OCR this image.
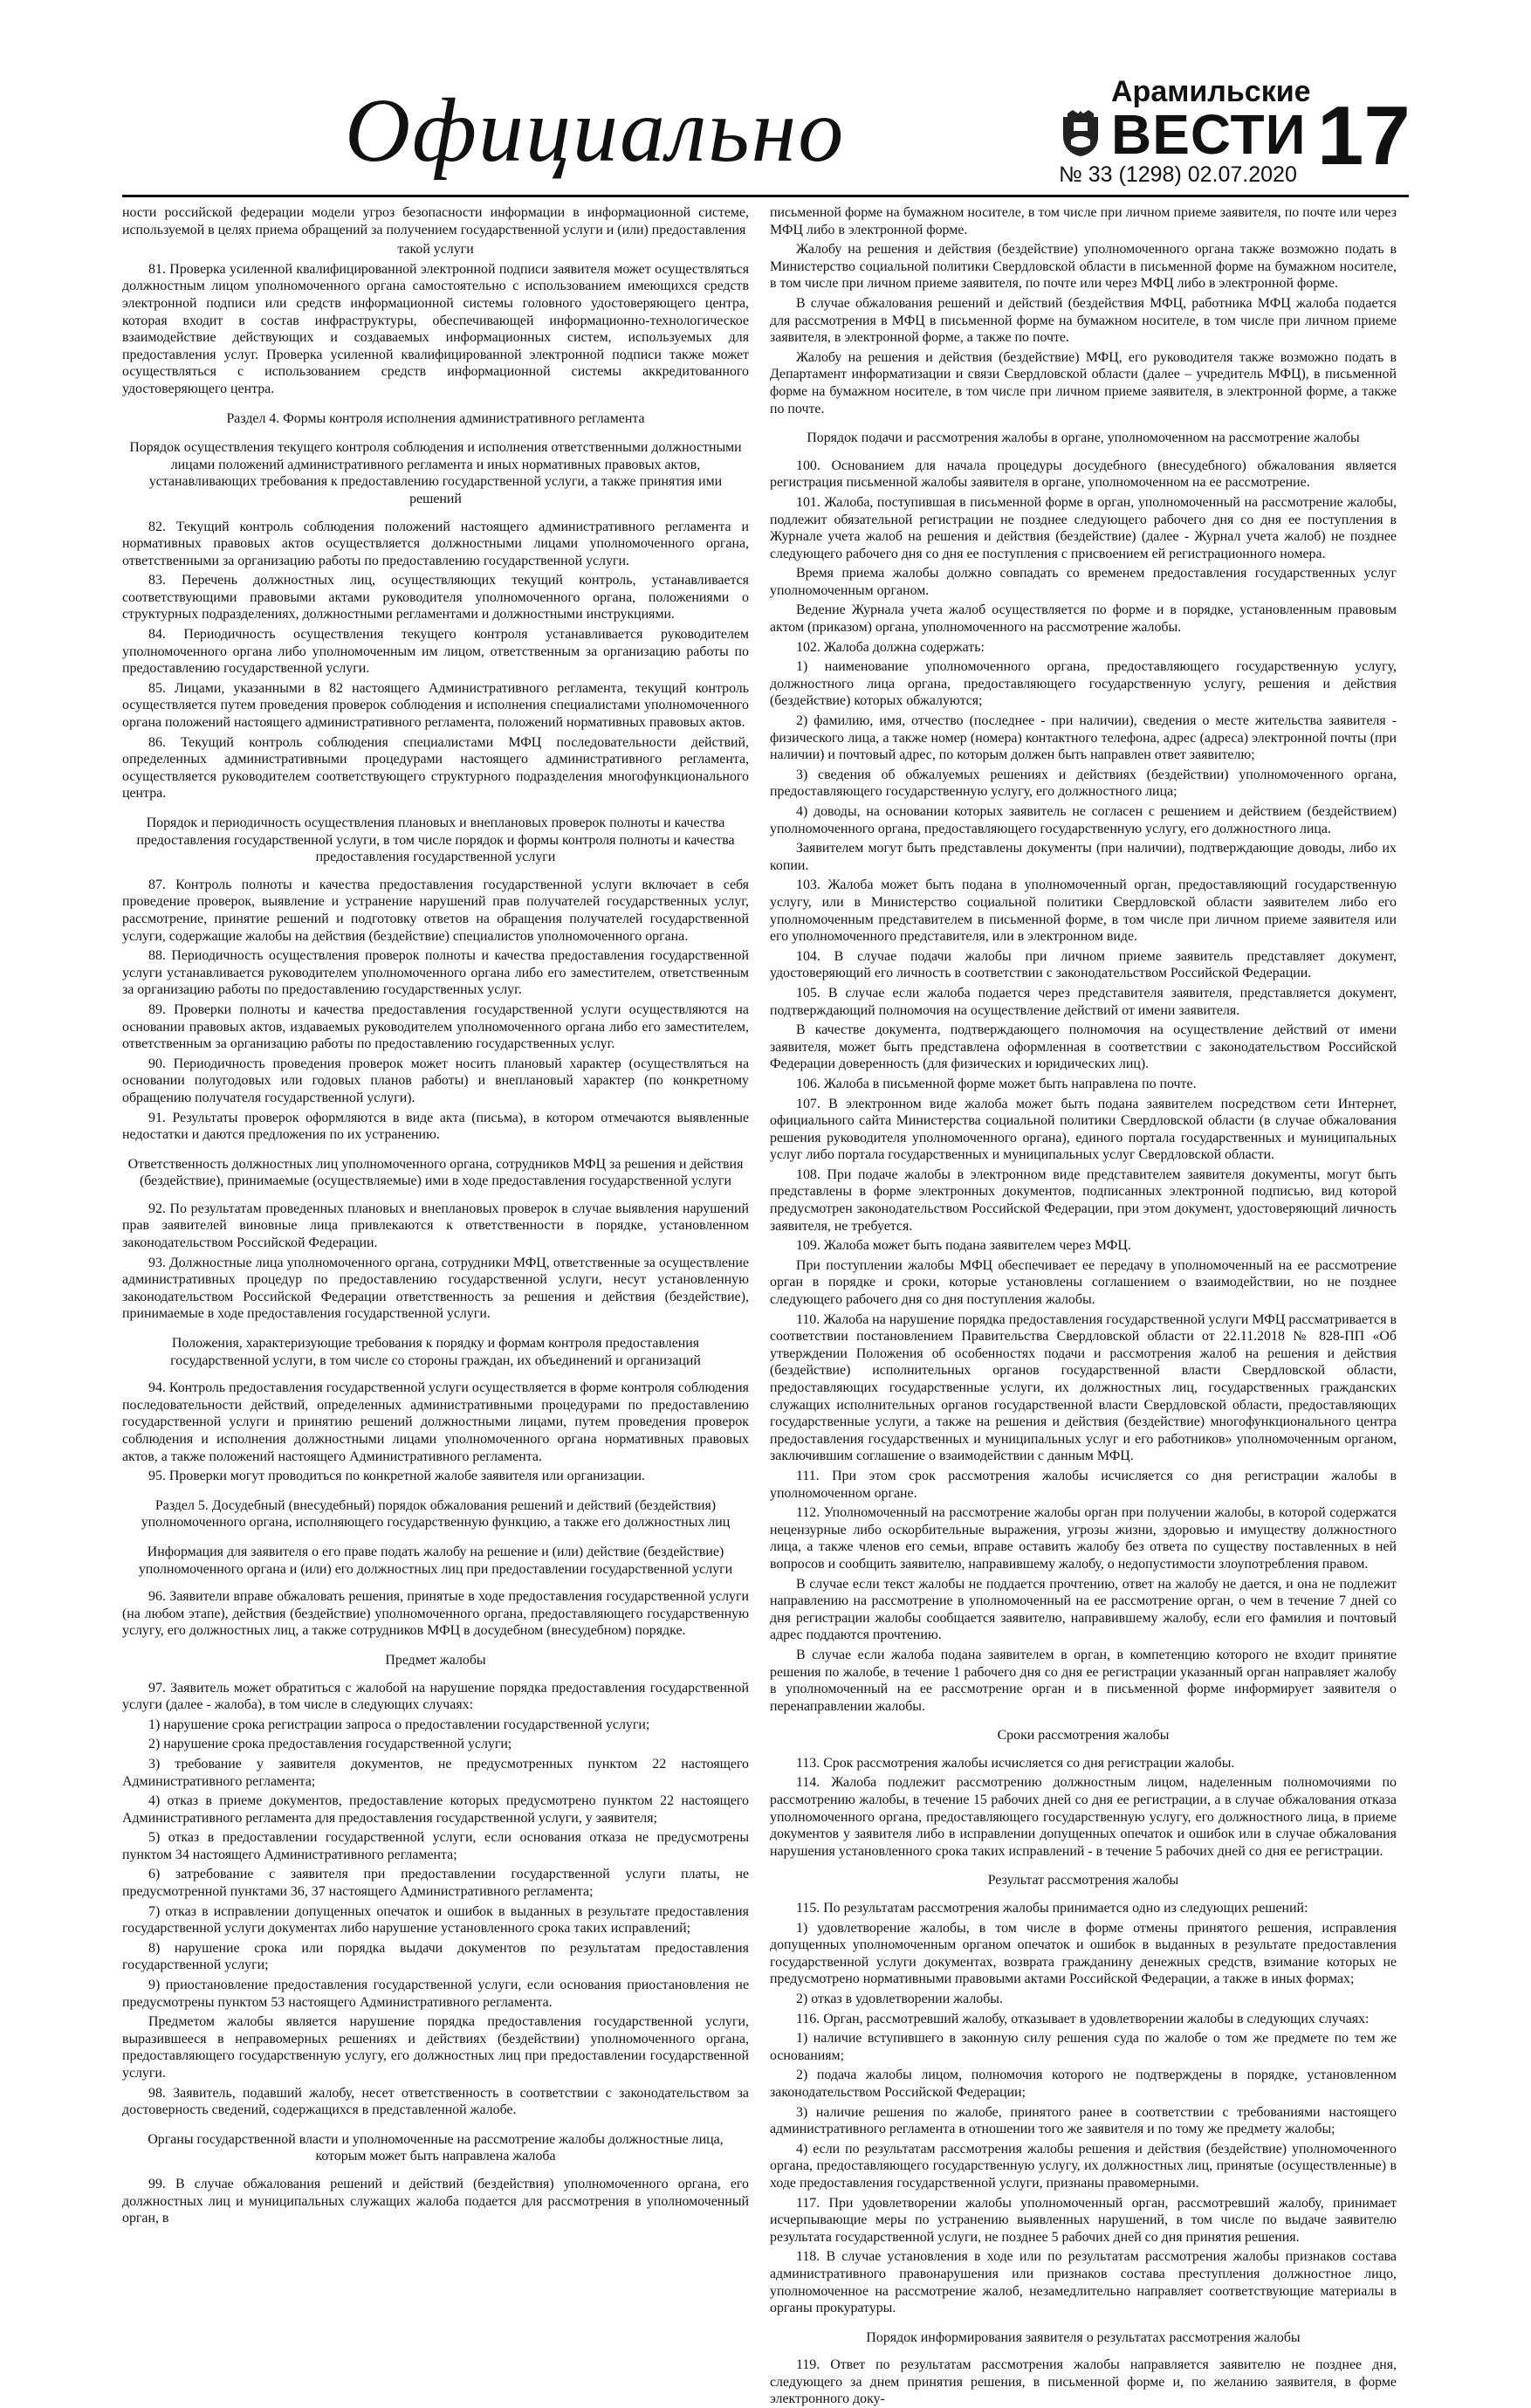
Официально	Арамильские
ВЕСТИ
№ 33 (1298) 02.07.2020 17

ности российской федерации модели угроз безопасности информации в информационной системе, используемой в целях приема обращений за получением государственной услуги и (или) предоставления

такой услуги

81. Проверка усиленной квалифицированной электронной подписи заявителя может осуществляться должностным лицом уполномоченного органа самостоятельно с использованием имеющихся средств электронной подписи или средств информационной системы головного удостоверяющего центра, которая входит в состав инфраструктуры, обеспечивающей информационно-технологическое взаимодействие действующих и создаваемых информационных систем, используемых для предоставления услуг. Проверка усиленной квалифицированной электронной подписи также может осуществляться с использованием средств информационной системы аккредитованного удостоверяющего центра.

Раздел 4. Формы контроля исполнения административного регламента
Порядок осуществления текущего контроля соблюдения и исполнения ответственными должностными лицами положений административного регламента и иных нормативных правовых актов, устанавливающих требования к предоставлению государственной услуги, а также принятия ими решений

82. Текущий контроль соблюдения положений настоящего административного регламента и нормативных правовых актов осуществляется должностными лицами уполномоченного органа, ответственными за организацию работы по предоставлению государственной услуги.

83. Перечень должностных лиц, осуществляющих текущий контроль, устанавливается соответствующими правовыми актами руководителя уполномоченного органа, положениями о структурных подразделениях, должностными регламентами и должностными инструкциями.

84. Периодичность осуществления текущего контроля устанавливается руководителем уполномоченного органа либо уполномоченным им лицом, ответственным за организацию работы по предоставлению государственной услуги.

85. Лицами, указанными в 82 настоящего Административного регламента, текущий контроль осуществляется путем проведения проверок соблюдения и исполнения специалистами уполномоченного органа положений настоящего административного регламента, положений нормативных правовых актов.

86. Текущий контроль соблюдения специалистами МФЦ последовательности действий, определенных административными процедурами настоящего административного регламента, осуществляется руководителем соответствующего структурного подразделения многофункционального центра.

Порядок и периодичность осуществления плановых и внеплановых проверок полноты и качества предоставления государственной услуги, в том числе порядок и формы контроля полноты и качества предоставления государственной услуги

87. Контроль полноты и качества предоставления государственной услуги включает в себя проведение проверок, выявление и устранение нарушений прав получателей государственных услуг, рассмотрение, принятие решений и подготовку ответов на обращения получателей государственной услуги, содержащие жалобы на действия (бездействие) специалистов уполномоченного органа.

88. Периодичность осуществления проверок полноты и качества предоставления государственной услуги устанавливается руководителем уполномоченного органа либо его заместителем, ответственным за организацию работы по предоставлению государственных услуг.

89. Проверки полноты и качества предоставления государственной услуги осуществляются на основании правовых актов, издаваемых руководителем уполномоченного органа либо его заместителем, ответственным за организацию работы по предоставлению государственных услуг.

90. Периодичность проведения проверок может носить плановый характер (осуществляться на основании полугодовых или годовых планов работы) и внеплановый характер (по конкретному обращению получателя государственной услуги).

91. Результаты проверок оформляются в виде акта (письма), в котором отмечаются выявленные недостатки и даются предложения по их устранению.

Ответственность должностных лиц уполномоченного органа, сотрудников МФЦ за решения и действия (бездействие), принимаемые (осуществляемые) ими в ходе предоставления государственной услуги

92. По результатам проведенных плановых и внеплановых проверок в случае выявления нарушений прав заявителей виновные лица привлекаются к ответственности в порядке, установленном законодательством Российской Федерации.

93. Должностные лица уполномоченного органа, сотрудники МФЦ, ответственные за осуществление административных процедур по предоставлению государственной услуги, несут установленную законодательством Российской Федерации ответственность за решения и действия (бездействие), принимаемые в ходе предоставления государственной услуги.

Положения, характеризующие требования к порядку и формам контроля предоставления государственной услуги, в том числе со стороны граждан, их объединений и организаций

94. Контроль предоставления государственной услуги осуществляется в форме контроля соблюдения последовательности действий, определенных административными процедурами по предоставлению государственной услуги и принятию решений должностными лицами, путем проведения проверок соблюдения и исполнения должностными лицами уполномоченного органа нормативных правовых актов, а также положений настоящего Административного регламента.

95. Проверки могут проводиться по конкретной жалобе заявителя или организации.

Раздел 5. Досудебный (внесудебный) порядок обжалования решений и действий (бездействия) уполномоченного органа, исполняющего государственную функцию, а также его должностных лиц
Информация для заявителя о его праве подать жалобу на решение и (или) действие (бездействие) уполномоченного органа и (или) его должностных лиц при предоставлении государственной услуги

96. Заявители вправе обжаловать решения, принятые в ходе предоставления государственной услуги (на любом этапе), действия (бездействие) уполномоченного органа, предоставляющего государственную услугу, его должностных лиц, а также сотрудников МФЦ в досудебном (внесудебном) порядке.

Предмет жалобы

97. Заявитель может обратиться с жалобой на нарушение порядка предоставления государственной услуги (далее - жалоба), в том числе в следующих случаях:

1) нарушение срока регистрации запроса о предоставлении государственной услуги;

2) нарушение срока предоставления государственной услуги;

3) требование у заявителя документов, не предусмотренных пунктом 22 настоящего Административного регламента;

4) отказ в приеме документов, предоставление которых предусмотрено пунктом 22 настоящего Административного регламента для предоставления государственной услуги, у заявителя;

5) отказ в предоставлении государственной услуги, если основания отказа не предусмотрены пунктом 34 настоящего Административного регламента;

6) затребование с заявителя при предоставлении государственной услуги платы, не предусмотренной пунктами 36, 37 настоящего Административного регламента;

7) отказ в исправлении допущенных опечаток и ошибок в выданных в результате предоставления государственной услуги документах либо нарушение установленного срока таких исправлений;

8) нарушение срока или порядка выдачи документов по результатам предоставления государственной услуги;

9) приостановление предоставления государственной услуги, если основания приостановления не предусмотрены пунктом 53 настоящего Административного регламента.

Предметом жалобы является нарушение порядка предоставления государственной услуги, выразившееся в неправомерных решениях и действиях (бездействии) уполномоченного органа, предоставляющего государственную услугу, его должностных лиц при предоставлении государственной услуги.

98. Заявитель, подавший жалобу, несет ответственность в соответствии с законодательством за достоверность сведений, содержащихся в представленной жалобе.

Органы государственной власти и уполномоченные на рассмотрение жалобы должностные лица, которым может быть направлена жалоба

99. В случае обжалования решений и действий (бездействия) уполномоченного органа, его должностных лиц и муниципальных служащих жалоба подается для рассмотрения в уполномоченный орган, в

письменной форме на бумажном носителе, в том числе при личном приеме заявителя, по почте или через МФЦ либо в электронной форме.

Жалобу на решения и действия (бездействие) уполномоченного органа также возможно подать в Министерство социальной политики Свердловской области в письменной форме на бумажном носителе, в том числе при личном приеме заявителя, по почте или через МФЦ либо в электронной форме.

В случае обжалования решений и действий (бездействия МФЦ, работника МФЦ жалоба подается для рассмотрения в МФЦ в письменной форме на бумажном носителе, в том числе при личном приеме заявителя, в электронной форме, а также по почте.

Жалобу на решения и действия (бездействие) МФЦ, его руководителя также возможно подать в Департамент информатизации и связи Свердловской области (далее – учредитель МФЦ), в письменной форме на бумажном носителе, в том числе при личном приеме заявителя, в электронной форме, а также по почте.

Порядок подачи и рассмотрения жалобы в органе, уполномоченном на рассмотрение жалобы

100. Основанием для начала процедуры досудебного (внесудебного) обжалования является регистрация письменной жалобы заявителя в органе, уполномоченном на ее рассмотрение.

101. Жалоба, поступившая в письменной форме в орган, уполномоченный на рассмотрение жалобы, подлежит обязательной регистрации не позднее следующего рабочего дня со дня ее поступления в Журнале учета жалоб на решения и действия (бездействие) (далее - Журнал учета жалоб) не позднее следующего рабочего дня со дня ее поступления с присвоением ей регистрационного номера.

Время приема жалобы должно совпадать со временем предоставления государственных услуг уполномоченным органом.

Ведение Журнала учета жалоб осуществляется по форме и в порядке, установленным правовым актом (приказом) органа, уполномоченного на рассмотрение жалобы.

102. Жалоба должна содержать:

1) наименование уполномоченного органа, предоставляющего государственную услугу, должностного лица органа, предоставляющего государственную услугу, решения и действия (бездействие) которых обжалуются;

2) фамилию, имя, отчество (последнее - при наличии), сведения о месте жительства заявителя - физического лица, а также номер (номера) контактного телефона, адрес (адреса) электронной почты (при наличии) и почтовый адрес, по которым должен быть направлен ответ заявителю;

3) сведения об обжалуемых решениях и действиях (бездействии) уполномоченного органа, предоставляющего государственную услугу, его должностного лица;

4) доводы, на основании которых заявитель не согласен с решением и действием (бездействием) уполномоченного органа, предоставляющего государственную услугу, его должностного лица.

Заявителем могут быть представлены документы (при наличии), подтверждающие доводы, либо их копии.

103. Жалоба может быть подана в уполномоченный орган, предоставляющий государственную услугу, или в Министерство социальной политики Свердловской области заявителем либо его уполномоченным представителем в письменной форме, в том числе при личном приеме заявителя или его уполномоченного представителя, или в электронном виде.

104. В случае подачи жалобы при личном приеме заявитель представляет документ, удостоверяющий его личность в соответствии с законодательством Российской Федерации.

105. В случае если жалоба подается через представителя заявителя, представляется документ, подтверждающий полномочия на осуществление действий от имени заявителя.

В качестве документа, подтверждающего полномочия на осуществление действий от имени заявителя, может быть представлена оформленная в соответствии с законодательством Российской Федерации доверенность (для физических и юридических лиц).

106. Жалоба в письменной форме может быть направлена по почте.

107. В электронном виде жалоба может быть подана заявителем посредством сети Интернет, официального сайта Министерства социальной политики Свердловской области (в случае обжалования решения руководителя уполномоченного органа), единого портала государственных и муниципальных услуг либо портала государственных и муниципальных услуг Свердловской области.

108. При подаче жалобы в электронном виде представителем заявителя документы, могут быть представлены в форме электронных документов, подписанных электронной подписью, вид которой предусмотрен законодательством Российской Федерации, при этом документ, удостоверяющий личность заявителя, не требуется.

109. Жалоба может быть подана заявителем через МФЦ.

При поступлении жалобы МФЦ обеспечивает ее передачу в уполномоченный на ее рассмотрение орган в порядке и сроки, которые установлены соглашением о взаимодействии, но не позднее следующего рабочего дня со дня поступления жалобы.

110. Жалоба на нарушение порядка предоставления государственной услуги МФЦ рассматривается в соответствии постановлением Правительства Свердловской области от 22.11.2018 № 828-ПП «Об утверждении Положения об особенностях подачи и рассмотрения жалоб на решения и действия (бездействие) исполнительных органов государственной власти Свердловской области, предоставляющих государственные услуги, их должностных лиц, государственных гражданских служащих исполнительных органов государственной власти Свердловской области, предоставляющих государственные услуги, а также на решения и действия (бездействие) многофункционального центра предоставления государственных и муниципальных услуг и его работников» уполномоченным органом, заключившим соглашение о взаимодействии с данным МФЦ.

111. При этом срок рассмотрения жалобы исчисляется со дня регистрации жалобы в уполномоченном органе.

112. Уполномоченный на рассмотрение жалобы орган при получении жалобы, в которой содержатся нецензурные либо оскорбительные выражения, угрозы жизни, здоровью и имуществу должностного лица, а также членов его семьи, вправе оставить жалобу без ответа по существу поставленных в ней вопросов и сообщить заявителю, направившему жалобу, о недопустимости злоупотребления правом.

В случае если текст жалобы не поддается прочтению, ответ на жалобу не дается, и она не подлежит направлению на рассмотрение в уполномоченный на ее рассмотрение орган, о чем в течение 7 дней со дня регистрации жалобы сообщается заявителю, направившему жалобу, если его фамилия и почтовый адрес поддаются прочтению.

В случае если жалоба подана заявителем в орган, в компетенцию которого не входит принятие решения по жалобе, в течение 1 рабочего дня со дня ее регистрации указанный орган направляет жалобу в уполномоченный на ее рассмотрение орган и в письменной форме информирует заявителя о перенаправлении жалобы.

Сроки рассмотрения жалобы

113. Срок рассмотрения жалобы исчисляется со дня регистрации жалобы.

114. Жалоба подлежит рассмотрению должностным лицом, наделенным полномочиями по рассмотрению жалобы, в течение 15 рабочих дней со дня ее регистрации, а в случае обжалования отказа уполномоченного органа, предоставляющего государственную услугу, его должностного лица, в приеме документов у заявителя либо в исправлении допущенных опечаток и ошибок или в случае обжалования нарушения установленного срока таких исправлений - в течение 5 рабочих дней со дня ее регистрации.

Результат рассмотрения жалобы

115. По результатам рассмотрения жалобы принимается одно из следующих решений:

1) удовлетворение жалобы, в том числе в форме отмены принятого решения, исправления допущенных уполномоченным органом опечаток и ошибок в выданных в результате предоставления государственной услуги документах, возврата гражданину денежных средств, взимание которых не предусмотрено нормативными правовыми актами Российской Федерации, а также в иных формах;

2) отказ в удовлетворении жалобы.

116. Орган, рассмотревший жалобу, отказывает в удовлетворении жалобы в следующих случаях:

1) наличие вступившего в законную силу решения суда по жалобе о том же предмете по тем же основаниям;

2) подача жалобы лицом, полномочия которого не подтверждены в порядке, установленном законодательством Российской Федерации;

3) наличие решения по жалобе, принятого ранее в соответствии с требованиями настоящего административного регламента в отношении того же заявителя и по тому же предмету жалобы;

4) если по результатам рассмотрения жалобы решения и действия (бездействие) уполномоченного органа, предоставляющего государственную услугу, их должностных лиц, принятые (осуществленные) в ходе предоставления государственной услуги, признаны правомерными.

117. При удовлетворении жалобы уполномоченный орган, рассмотревший жалобу, принимает исчерпывающие меры по устранению выявленных нарушений, в том числе по выдаче заявителю результата государственной услуги, не позднее 5 рабочих дней со дня принятия решения.

118. В случае установления в ходе или по результатам рассмотрения жалобы признаков состава административного правонарушения или признаков состава преступления должностное лицо, уполномоченное на рассмотрение жалоб, незамедлительно направляет соответствующие материалы в органы прокуратуры.

Порядок информирования заявителя о результатах рассмотрения жалобы

119. Ответ по результатам рассмотрения жалобы направляется заявителю не позднее дня, следующего за днем принятия решения, в письменной форме и, по желанию заявителя, в форме электронного доку-
